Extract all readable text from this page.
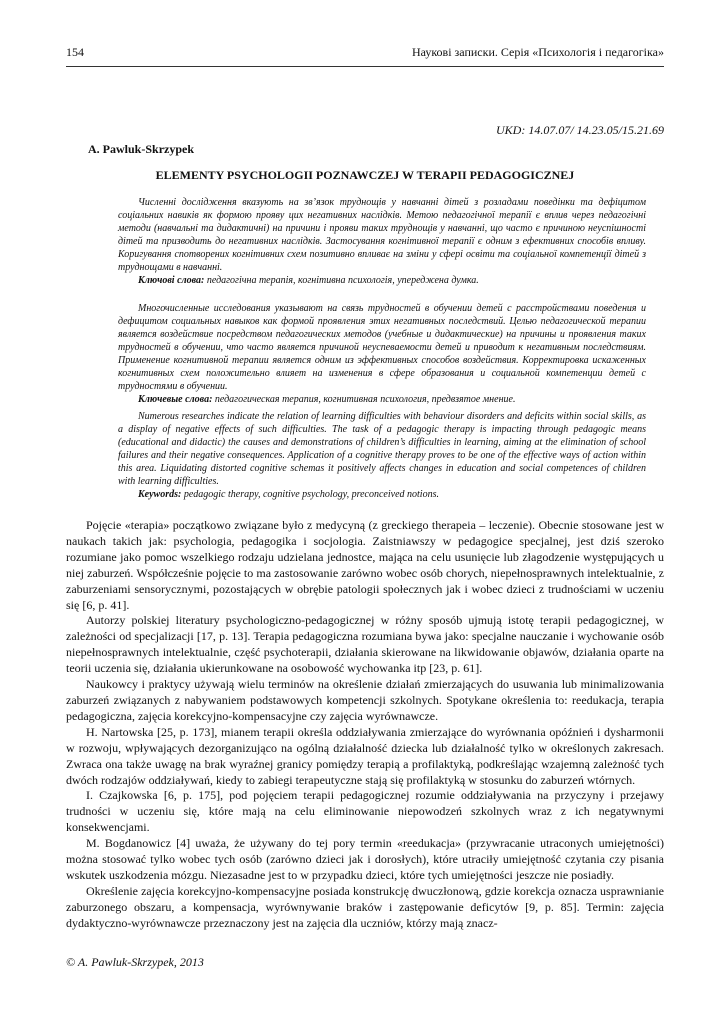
154	Наукові записки. Серія «Психологія і педагогіка»
UKD: 14.07.07/ 14.23.05/15.21.69
A. Pawluk-Skrzypek
ELEMENTY PSYCHOLOGII POZNAWCZEJ W TERAPII PEDAGOGICZNEJ

Численні дослідження вказують на зв’язок труднощів у навчанні дітей з розладами поведінки та дефіцитом соціальних навиків як формою прояву цих негативних наслідків. Метою педагогічної терапії є вплив через педагогічні методи (навчальні та дидактичні) на причини і прояви таких труднощів у навчанні, що часто є причиною неуспішності дітей та призводить до негативних наслідків. Застосування когнітивної терапії є одним з ефективних способів впливу. Коригування спотворених когнітивних схем позитивно впливає на зміни у сфері освіти та соціальної компетенції дітей з труднощами в навчанні.

Ключові слова: педагогічна терапія, когнітивна психологія, упереджена думка.

Многочисленные исследования указывают на связь трудностей в обучении детей с расстройствами поведения и дефицитом социальных навыков как формой проявления этих негативных последствий. Целью педагогической терапии является воздействие посредством педагогических методов (учебные и дидактические) на причины и проявления таких трудностей в обучении, что часто является причиной неуспеваемости детей и приводит к негативным последствиям. Применение когнитивной терапии является одним из эффективных способов воздействия. Корректировка искаженных когнитивных схем положительно влияет на изменения в сфере образования и социальной компетенции детей с трудностями в обучении.

Ключевые слова: педагогическая терапия, когнитивная психология, предвзятое мнение.

Numerous researches indicate the relation of learning difficulties with behaviour disorders and deficits within social skills, as a display of negative effects of such difficulties. The task of a pedagogic therapy is impacting through pedagogic means (educational and didactic) the causes and demonstrations of children’s difficulties in learning, aiming at the elimination of school failures and their negative consequences. Application of a cognitive therapy proves to be one of the effective ways of action within this area. Liquidating distorted cognitive schemas it positively affects changes in education and social competences of children with learning difficulties.

Keywords: pedagogic therapy, cognitive psychology, preconceived notions.

Pojęcie «terapia» początkowo związane było z medycyną (z greckiego therapeia – leczenie). Obecnie stosowane jest w naukach takich jak: psychologia, pedagogika i socjologia. Zaistniawszy w pedagogice specjalnej, jest dziś szeroko rozumiane jako pomoc wszelkiego rodzaju udzielana jednostce, mająca na celu usunięcie lub złagodzenie występujących u niej zaburzeń. Współcześnie pojęcie to ma zastosowanie zarówno wobec osób chorych, niepełnosprawnych intelektualnie, z zaburzeniami sensorycznymi, pozostających w obrębie patologii społecznych jak i wobec dzieci z trudnościami w uczeniu się [6, p. 41].

Autorzy polskiej literatury psychologiczno-pedagogicznej w różny sposób ujmują istotę terapii pedagogicznej, w zależności od specjalizacji [17, p. 13]. Terapia pedagogiczna rozumiana bywa jako: specjalne nauczanie i wychowanie osób niepełnosprawnych intelektualnie, część psychoterapii, działania skierowane na likwidowanie objawów, działania oparte na teorii uczenia się, działania ukierunkowane na osobowość wychowanka itp [23, p. 61].

Naukowcy i praktycy używają wielu terminów na określenie działań zmierzających do usuwania lub minimalizowania zaburzeń związanych z nabywaniem podstawowych kompetencji szkolnych. Spotykane określenia to: reedukacja, terapia pedagogiczna, zajęcia korekcyjno-kompensacyjne czy zajęcia wyrównawcze.

H. Nartowska [25, p. 173], mianem terapii określa oddziaływania zmierzające do wyrównania opóźnień i dysharmonii w rozwoju, wpływających dezorganizująco na ogólną działalność dziecka lub działalność tylko w określonych zakresach. Zwraca ona także uwagę na brak wyraźnej granicy pomiędzy terapią a profilaktyką, podkreślając wzajemną zależność tych dwóch rodzajów oddziaływań, kiedy to zabiegi terapeutyczne stają się profilaktyką w stosunku do zaburzeń wtórnych.

I. Czajkowska [6, p. 175], pod pojęciem terapii pedagogicznej rozumie oddziaływania na przyczyny i przejawy trudności w uczeniu się, które mają na celu eliminowanie niepowodzeń szkolnych wraz z ich negatywnymi konsekwencjami.

M. Bogdanowicz [4] uważa, że używany do tej pory termin «reedukacja» (przywracanie utraconych umiejętności) można stosować tylko wobec tych osób (zarówno dzieci jak i dorosłych), które utraciły umiejętność czytania czy pisania wskutek uszkodzenia mózgu. Niezasadne jest to w przypadku dzieci, które tych umiejętności jeszcze nie posiadły.

Określenie zajęcia korekcyjno-kompensacyjne posiada konstrukcję dwuczłonową, gdzie korekcja oznacza usprawnianie zaburzonego obszaru, a kompensacja, wyrównywanie braków i zastępowanie deficytów [9, p. 85]. Termin: zajęcia dydaktyczno-wyrównawcze przeznaczony jest na zajęcia dla uczniów, którzy mają znacz-

© A. Pawluk-Skrzypek, 2013
